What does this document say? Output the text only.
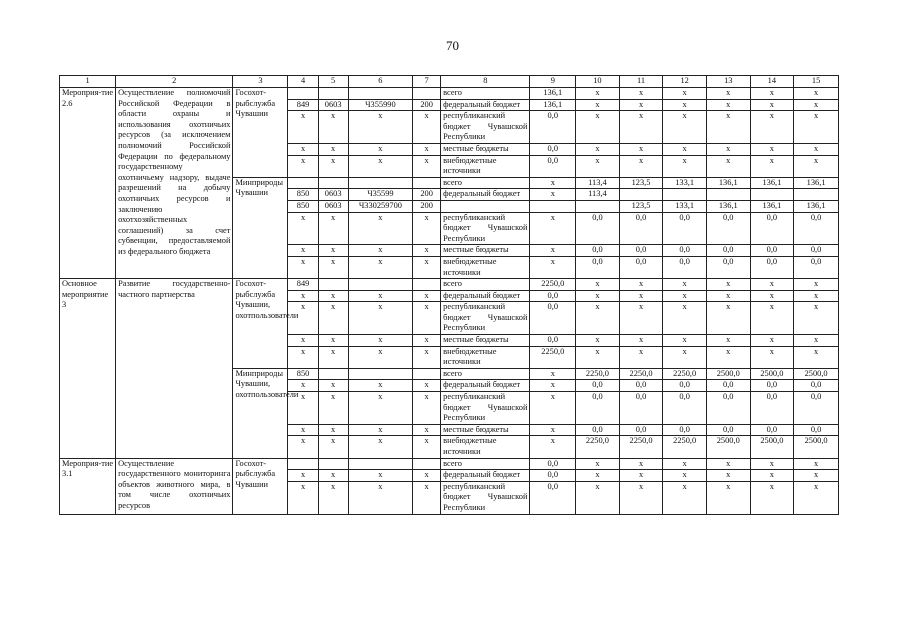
70
1	2	3	4	5	6	7	8	9	10	11	12	13	14	15
Мероприя-тие 2.6	Осуществление полномочий Российской Федерации в области охраны и использования охотничьих ресурсов (за исключением полномочий Российской Федерации по федеральному государственному охотничьему надзору, выдаче разрешений на добычу охотничьих ресурсов и заключению охотхозяйственных соглашений) за счет субвенции, предоставляемой из федерального бюджета	Госохот-рыбслужба Чувашии					всего	136,1	x	x	x	x	x	x
			849	0603	Ч355990	200	федеральный бюджет	136,1	x	x	x	x	x	x
			x	x	x	x	республиканский бюджет Чувашской Республики	0,0	x	x	x	x	x	x
			x	x	x	x	местные бюджеты	0,0	x	x	x	x	x	x
			x	x	x	x	внебюджетные источники	0,0	x	x	x	x	x	x
		Минприроды Чувашии					всего	x	113,4	123,5	133,1	136,1	136,1	136,1
			850	0603	Ч35599	200	федеральный бюджет	x	113,4					
			850	0603	Ч330259700	200				123,5	133,1	136,1	136,1	136,1
			x	x	x	x	республиканский бюджет Чувашской Республики	x	0,0	0,0	0,0	0,0	0,0	0,0
			x	x	x	x	местные бюджеты	x	0,0	0,0	0,0	0,0	0,0	0,0
			x	x	x	x	внебюджетные источники	x	0,0	0,0	0,0	0,0	0,0	0,0
Основное мероприятие 3	Развитие государственно-частного партнерства	Госохот-рыбслужба Чувашии, охотпользователи	849				всего	2250,0	x	x	x	x	x	x
			x	x	x	x	федеральный бюджет	0,0	x	x	x	x	x	x
			x	x	x	x	республиканский бюджет Чувашской Республики	0,0	x	x	x	x	x	x
			x	x	x	x	местные бюджеты	0,0	x	x	x	x	x	x
			x	x	x	x	внебюджетные источники	2250,0	x	x	x	x	x	x
		Минприроды Чувашии, охотпользователи	850				всего	x	2250,0	2250,0	2250,0	2500,0	2500,0	2500,0
			x	x	x	x	федеральный бюджет	x	0,0	0,0	0,0	0,0	0,0	0,0
			x	x	x	x	республиканский бюджет Чувашской Республики	x	0,0	0,0	0,0	0,0	0,0	0,0
			x	x	x	x	местные бюджеты	x	0,0	0,0	0,0	0,0	0,0	0,0
			x	x	x	x	внебюджетные источники	x	2250,0	2250,0	2250,0	2500,0	2500,0	2500,0
Мероприя-тие 3.1	Осуществление государственного мониторинга объектов животного мира, в том числе охотничьих ресурсов	Госохот-рыбслужба Чувашии					всего	0,0	x	x	x	x	x	x
			x	x	x	x	федеральный бюджет	0,0	x	x	x	x	x	x
			x	x	x	x	республиканский бюджет Чувашской Республики	0,0	x	x	x	x	x	x
